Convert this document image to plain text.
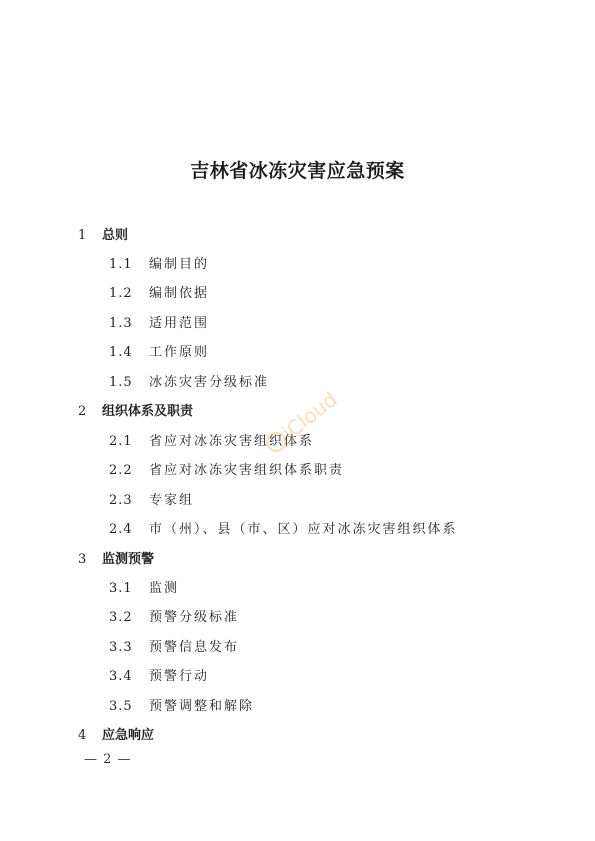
吉林省冰冻灾害应急预案
1 总则
1.1 编制目的
1.2 编制依据
1.3 适用范围
1.4 工作原则
1.5 冰冻灾害分级标准
2 组织体系及职责
2.1 省应对冰冻灾害组织体系
2.2 省应对冰冻灾害组织体系职责
2.3 专家组
2.4 市（州）、县（市、区）应对冰冻灾害组织体系
3 监测预警
3.1 监测
3.2 预警分级标准
3.3 预警信息发布
3.4 预警行动
3.5 预警调整和解除
4 应急响应
— 2 —
iCloud
